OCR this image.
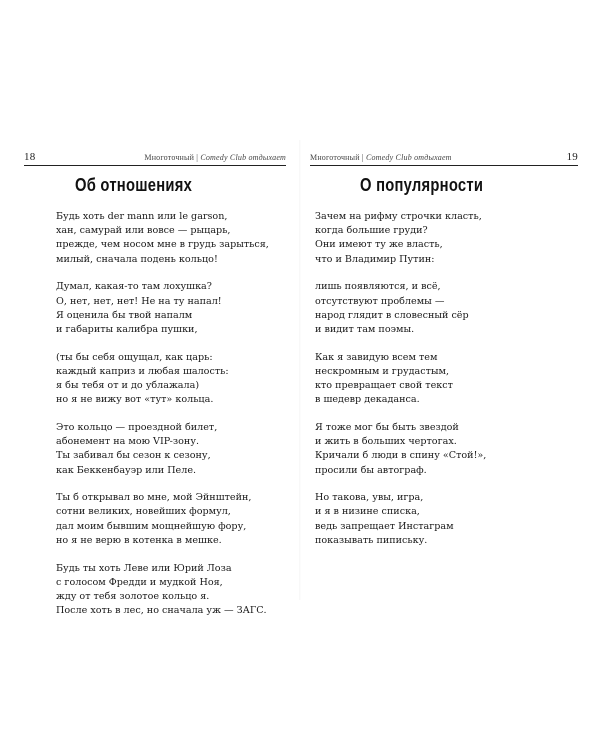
18	Многоточный | Comedy Club отдыхает
Об отношениях
Будь хоть der mann или le garson,
хан, самурай или вовсе — рыцарь,
прежде, чем носом мне в грудь зарыться,
милый, сначала подень кольцо!
Думал, какая-то там лохушка?
О, нет, нет, нет! Не на ту напал!
Я оценила бы твой напалм
и габариты калибра пушки,
(ты бы себя ощущал, как царь:
каждый каприз и любая шалость:
я бы тебя от и до ублажала)
но я не вижу вот «тут» кольца.
Это кольцо — проездной билет,
абонемент на мою VIP-зону.
Ты забивал бы сезон к сезону,
как Беккенбауэр или Пеле.
Ты б открывал во мне, мой Эйнштейн,
сотни великих, новейших формул,
дал моим бывшим мощнейшую фору,
но я не верю в котенка в мешке.
Будь ты хоть Леве или Юрий Лоза
с голосом Фредди и мудкой Ноя,
жду от тебя золотое кольцо я.
После хоть в лес, но сначала уж — ЗАГС.
Многоточный | Comedy Club отдыхает	19
О популярности
Зачем на рифму строчки класть,
когда большие груди?
Они имеют ту же власть,
что и Владимир Путин:
лишь появляются, и всё,
отсутствуют проблемы —
народ глядит в словесный сёр
и видит там поэмы.
Как я завидую всем тем
нескромным и грудастым,
кто превращает свой текст
в шедевр декаданса.
Я тоже мог бы быть звездой
и жить в больших чертогах.
Кричали б люди в спину «Стой!»,
просили бы автограф.
Но такова, увы, игра,
и я в низине списка,
ведь запрещает Инстаграм
показывать пипиську.
